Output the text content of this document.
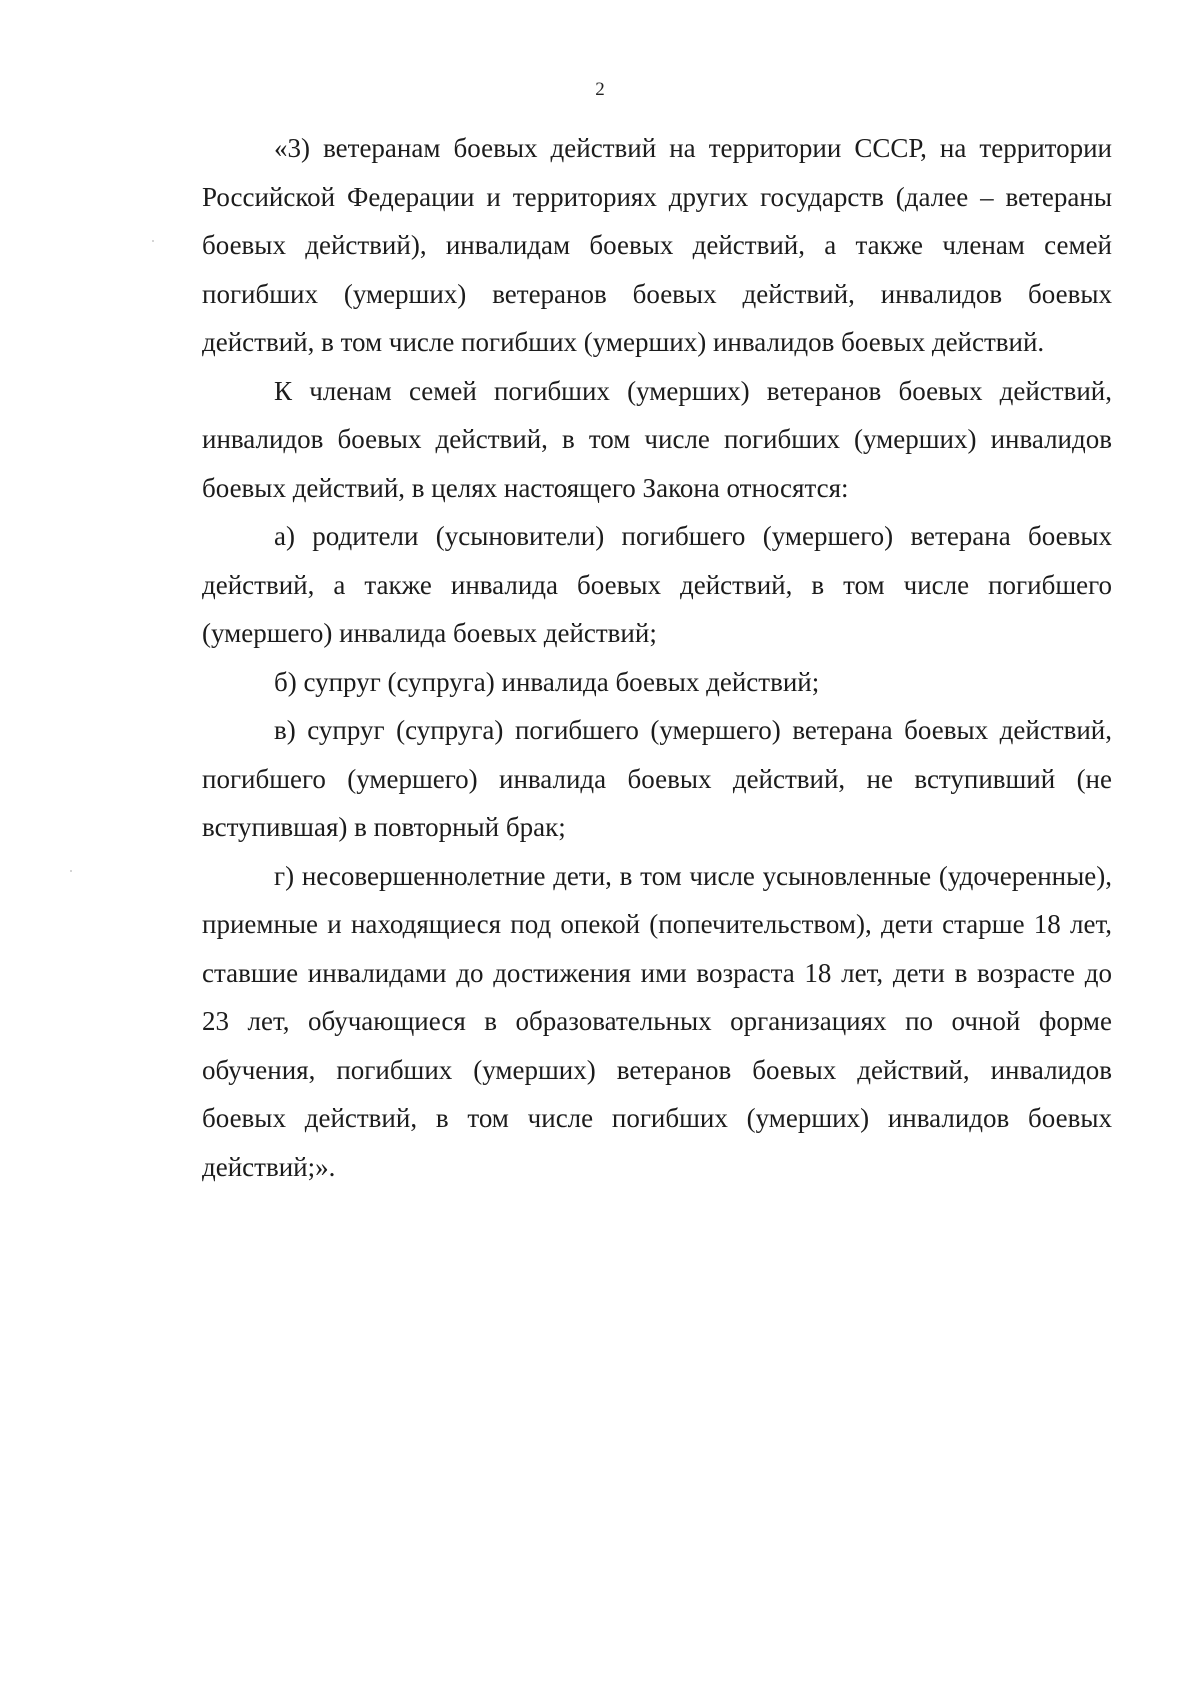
2

«3) ветеранам боевых действий на территории СССР, на территории Российской Федерации и территориях других государств (далее – ветераны боевых действий), инвалидам боевых действий, а также членам семей погибших (умерших) ветеранов боевых действий, инвалидов боевых действий, в том числе погибших (умерших) инвалидов боевых действий.

К членам семей погибших (умерших) ветеранов боевых действий, инвалидов боевых действий, в том числе погибших (умерших) инвалидов боевых действий, в целях настоящего Закона относятся:

а) родители (усыновители) погибшего (умершего) ветерана боевых действий, а также инвалида боевых действий, в том числе погибшего (умершего) инвалида боевых действий;

б) супруг (супруга) инвалида боевых действий;

в) супруг (супруга) погибшего (умершего) ветерана боевых действий, погибшего (умершего) инвалида боевых действий, не вступивший (не вступившая) в повторный брак;

г) несовершеннолетние дети, в том числе усыновленные (удочеренные), приемные и находящиеся под опекой (попечительством), дети старше 18 лет, ставшие инвалидами до достижения ими возраста 18 лет, дети в возрасте до 23 лет, обучающиеся в образовательных организациях по очной форме обучения, погибших (умерших) ветеранов боевых действий, инвалидов боевых действий, в том числе погибших (умерших) инвалидов боевых действий;».
